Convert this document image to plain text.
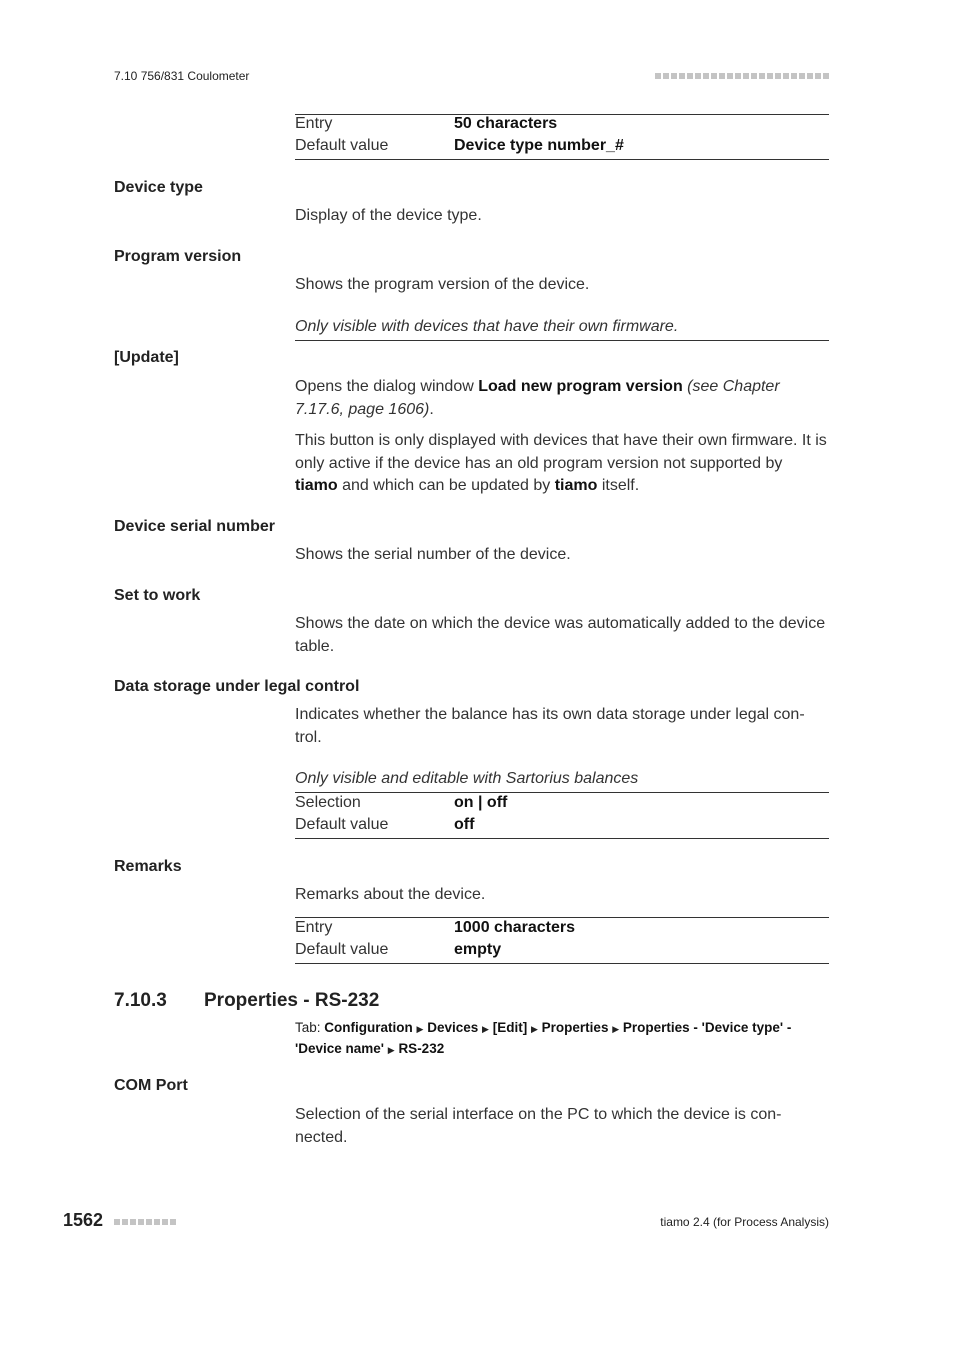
7.10 756/831 Coulometer
Entry	50 characters
Default value	Device type number_#
Device type
Display of the device type.
Program version
Shows the program version of the device.
Only visible with devices that have their own firmware.
[Update]
Opens the dialog window Load new program version (see Chapter 7.17.6, page 1606).
This button is only displayed with devices that have their own firmware. It is only active if the device has an old program version not supported by tiamo and which can be updated by tiamo itself.
Device serial number
Shows the serial number of the device.
Set to work
Shows the date on which the device was automatically added to the device table.
Data storage under legal control
Indicates whether the balance has its own data storage under legal con-trol.
Only visible and editable with Sartorius balances
Selection	on | off
Default value	off
Remarks
Remarks about the device.
Entry	1000 characters
Default value	empty
7.10.3 Properties - RS-232
Tab: Configuration ▶ Devices ▶ [Edit] ▶ Properties ▶ Properties - 'Device type' - 'Device name' ▶ RS-232
COM Port
Selection of the serial interface on the PC to which the device is con-nected.
1562	tiamo 2.4 (for Process Analysis)
